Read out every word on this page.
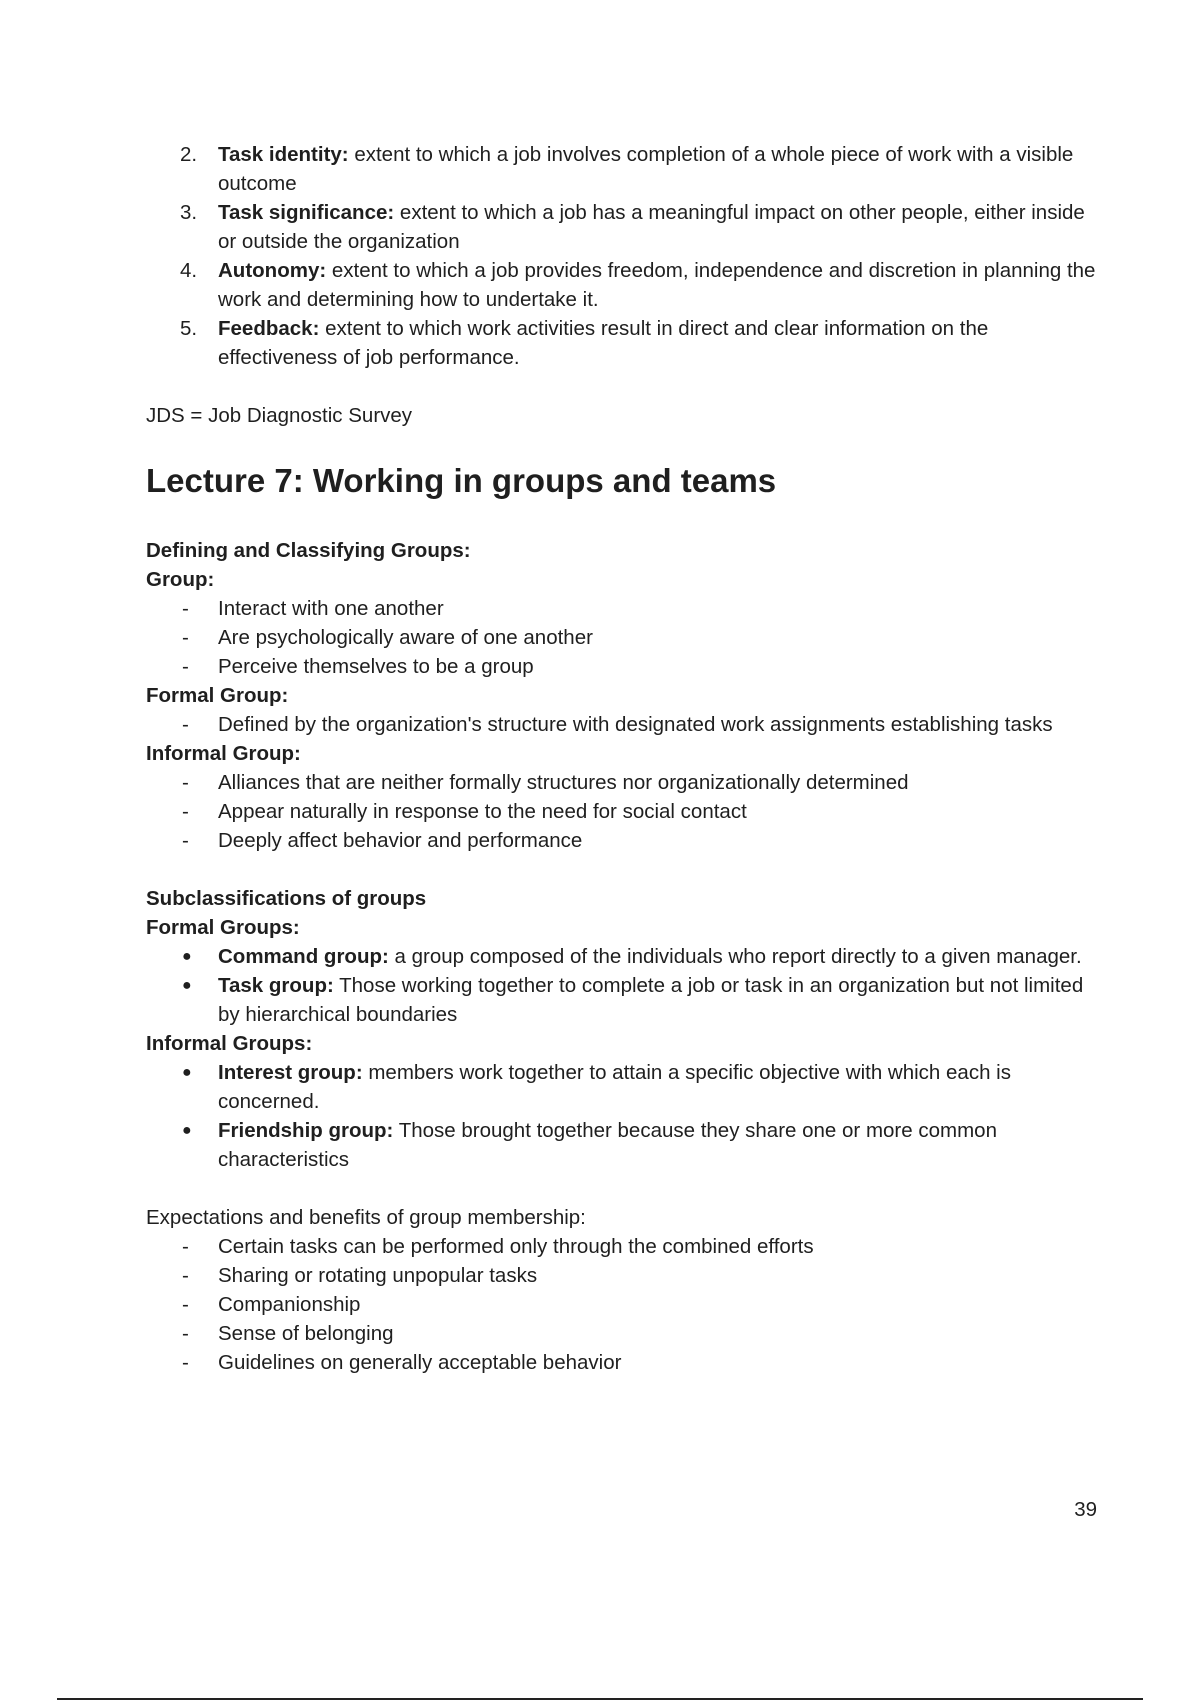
2. Task identity: extent to which a job involves completion of a whole piece of work with a visible outcome
3. Task significance: extent to which a job has a meaningful impact on other people, either inside or outside the organization
4. Autonomy: extent to which a job provides freedom, independence and discretion in planning the work and determining how to undertake it.
5. Feedback: extent to which work activities result in direct and clear information on the effectiveness of job performance.
JDS = Job Diagnostic Survey
Lecture 7: Working in groups and teams
Defining and Classifying Groups:
Group:
- Interact with one another
- Are psychologically aware of one another
- Perceive themselves to be a group
Formal Group:
- Defined by the organization's structure with designated work assignments establishing tasks
Informal Group:
- Alliances that are neither formally structures nor organizationally determined
- Appear naturally in response to the need for social contact
- Deeply affect behavior and performance
Subclassifications of groups
Formal Groups:
● Command group: a group composed of the individuals who report directly to a given manager.
● Task group: Those working together to complete a job or task in an organization but not limited by hierarchical boundaries
Informal Groups:
● Interest group: members work together to attain a specific objective with which each is concerned.
● Friendship group: Those brought together because they share one or more common characteristics
Expectations and benefits of group membership:
- Certain tasks can be performed only through the combined efforts
- Sharing or rotating unpopular tasks
- Companionship
- Sense of belonging
- Guidelines on generally acceptable behavior
39
